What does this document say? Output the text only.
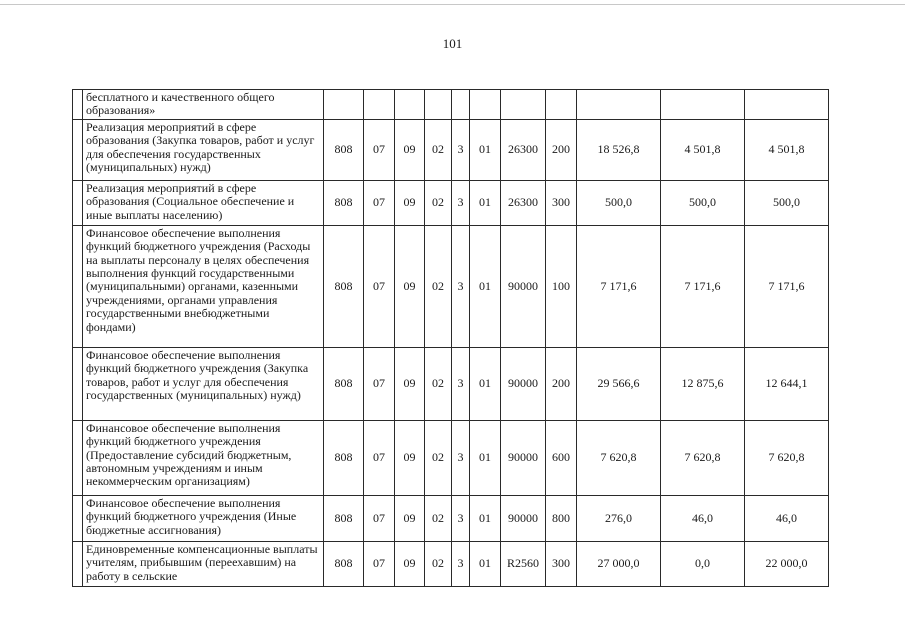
101
	бесплатного и качественного общего образования»											
	Реализация мероприятий в сфере образования (Закупка товаров, работ и услуг для обеспечения государственных (муниципальных) нужд)	808	07	09	02	3	01	26300	200	18 526,8	4 501,8	4 501,8
	Реализация мероприятий в сфере образования (Социальное обеспечение и иные выплаты населению)	808	07	09	02	3	01	26300	300	500,0	500,0	500,0
	Финансовое обеспечение выполнения функций бюджетного учреждения (Расходы на выплаты персоналу в целях обеспечения выполнения функций государственными (муниципальными) органами, казенными учреждениями, органами управления государственными внебюджетными фондами)	808	07	09	02	3	01	90000	100	7 171,6	7 171,6	7 171,6
	Финансовое обеспечение выполнения функций бюджетного учреждения (Закупка товаров, работ и услуг для обеспечения государственных (муниципальных) нужд)	808	07	09	02	3	01	90000	200	29 566,6	12 875,6	12 644,1
	Финансовое обеспечение выполнения функций бюджетного учреждения (Предоставление субсидий бюджетным, автономным учреждениям и иным некоммерческим организациям)	808	07	09	02	3	01	90000	600	7 620,8	7 620,8	7 620,8
	Финансовое обеспечение выполнения функций бюджетного учреждения (Иные бюджетные ассигнования)	808	07	09	02	3	01	90000	800	276,0	46,0	46,0
	Единовременные компенсационные выплаты учителям, прибывшим (переехавшим) на работу в сельские	808	07	09	02	3	01	R2560	300	27 000,0	0,0	22 000,0
